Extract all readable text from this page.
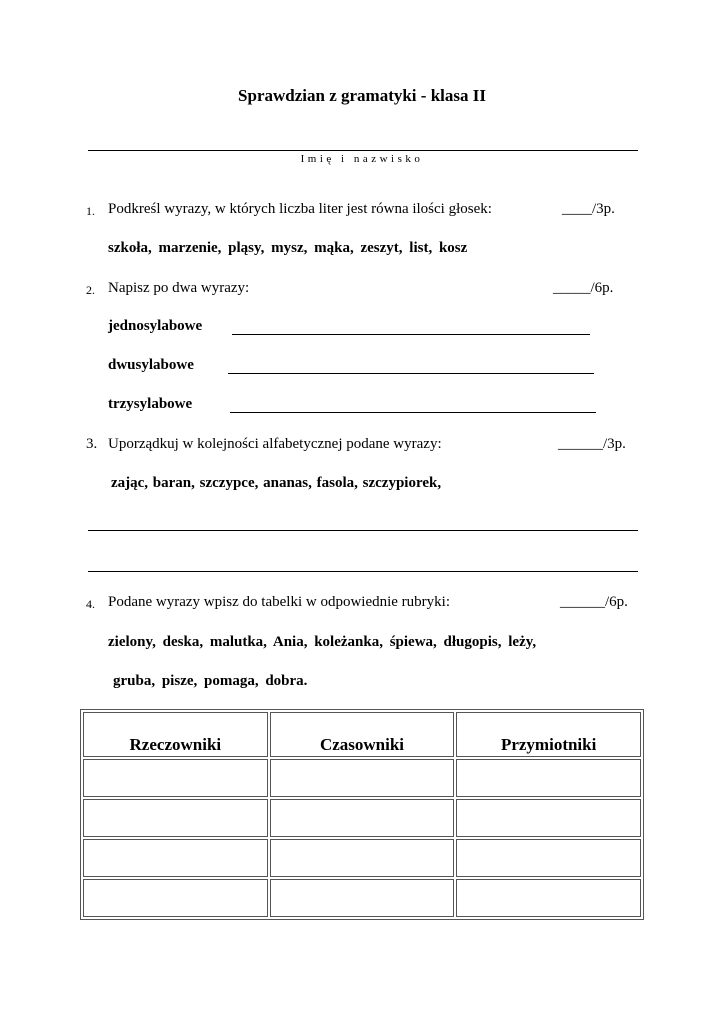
Sprawdzian z gramatyki - klasa II
Imię i nazwisko
1. Podkreśl wyrazy, w których liczba liter jest równa ilości głosek:	____/3p.
szkoła, marzenie, pląsy, mysz, mąka, zeszyt, list, kosz
2. Napisz po dwa wyrazy:	_____/6p.
jednosylabowe
dwusylabowe
trzysylabowe
3. Uporządkuj w kolejności alfabetycznej podane wyrazy:	______/3p.
zając, baran, szczypce, ananas, fasola, szczypiorek,
4. Podane wyrazy wpisz do tabelki w odpowiednie rubryki:	______/6p.
zielony, deska, malutka, Ania, koleżanka, śpiewa, długopis, leży,
gruba, pisze, pomaga, dobra.
Rzeczowniki	Czasowniki	Przymiotniki
